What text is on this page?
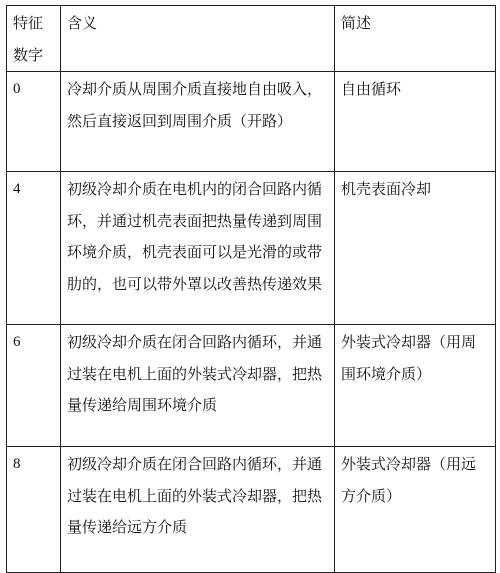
特征数字	含义	简述
0	冷却介质从周围介质直接地自由吸入，然后直接返回到周围介质（开路）	自由循环
4	初级冷却介质在电机内的闭合回路内循环，并通过机壳表面把热量传递到周围环境介质，机壳表面可以是光滑的或带肋的，也可以带外罩以改善热传递效果	机壳表面冷却
6	初级冷却介质在闭合回路内循环，并通过装在电机上面的外装式冷却器，把热量传递给周围环境介质	外装式冷却器（用周围环境介质）
8	初级冷却介质在闭合回路内循环，并通过装在电机上面的外装式冷却器，把热量传递给远方介质	外装式冷却器（用远方介质）
